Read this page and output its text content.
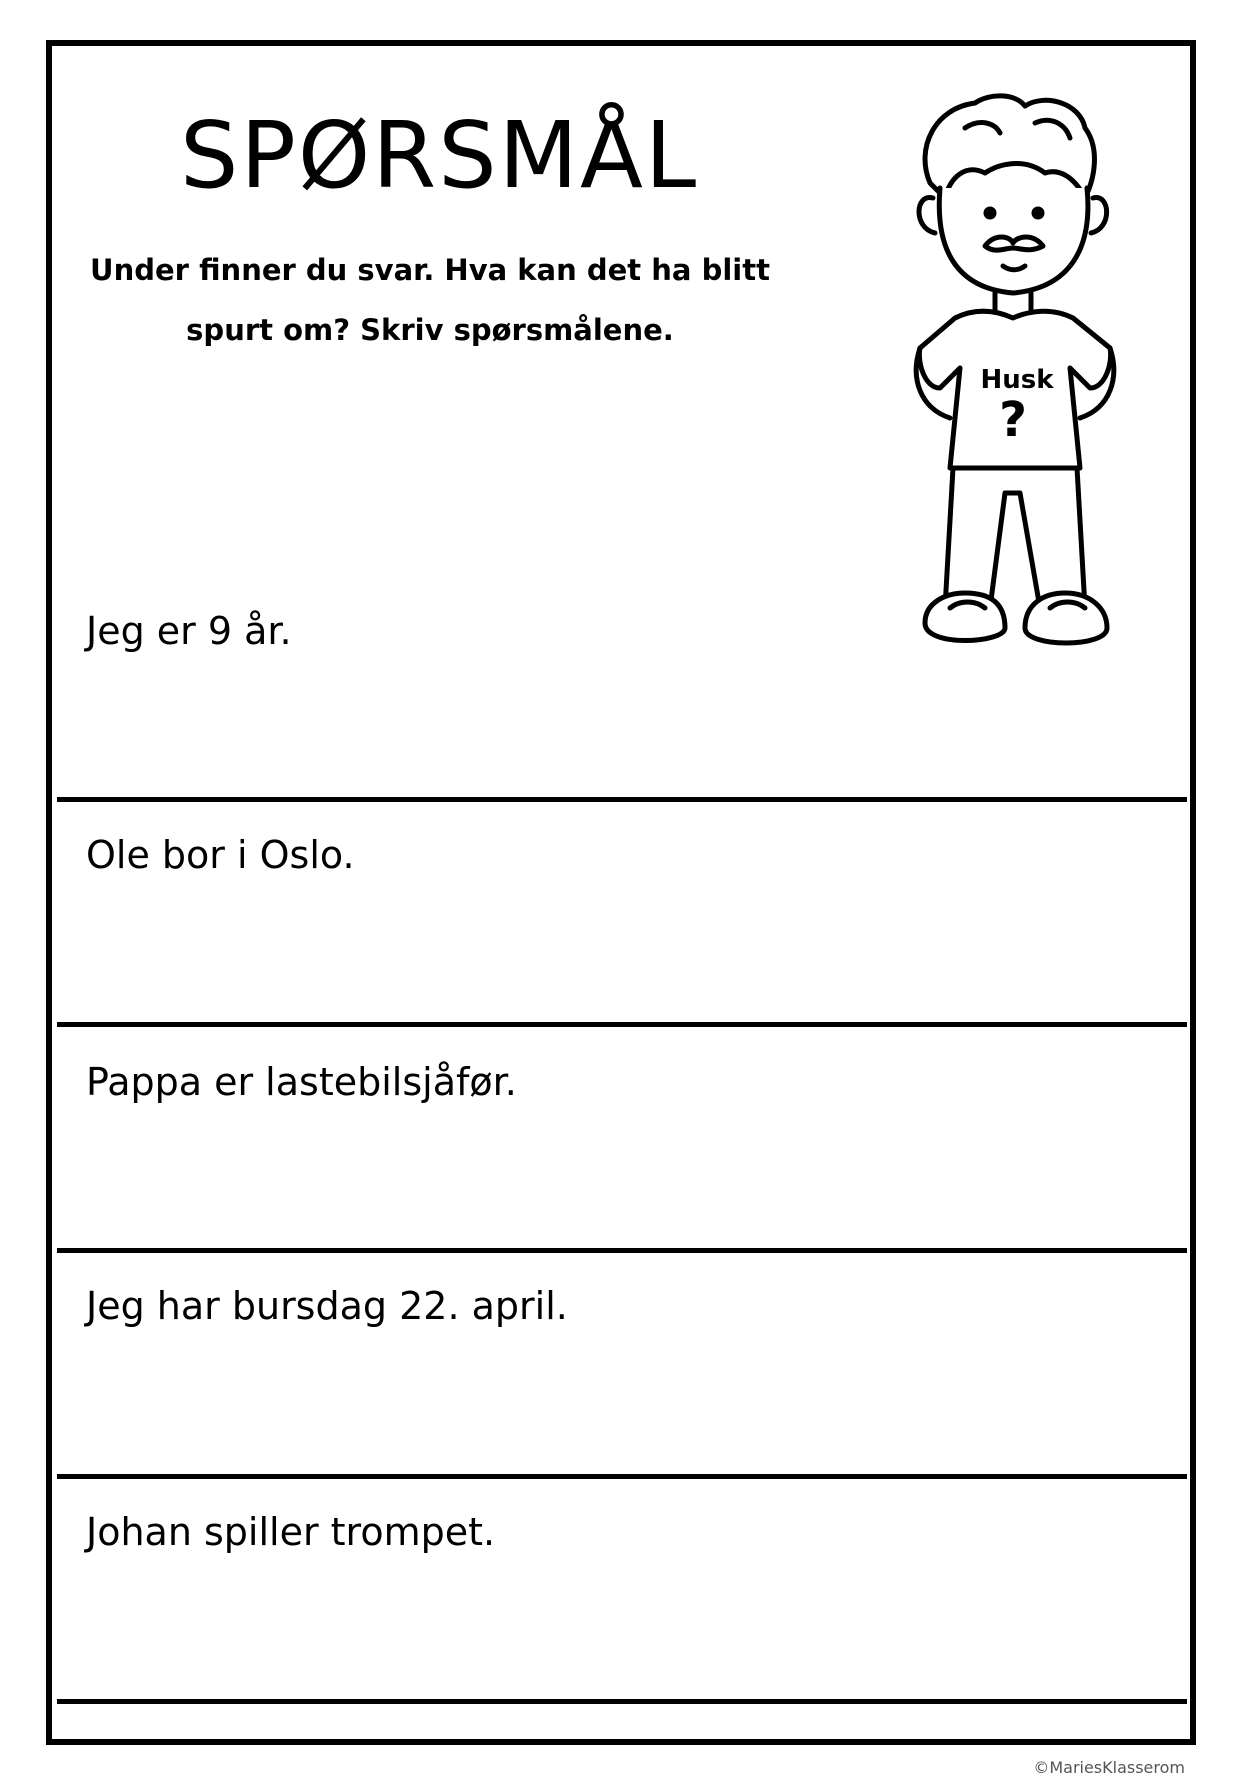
SPØRSMÅL
Under finner du svar. Hva kan det ha blitt
spurt om? Skriv spørsmålene.
Husk
?
Jeg er 9 år.
Ole bor i Oslo.
Pappa er lastebilsjåfør.
Jeg har bursdag 22. april.
Johan spiller trompet.
©MariesKlasserom
